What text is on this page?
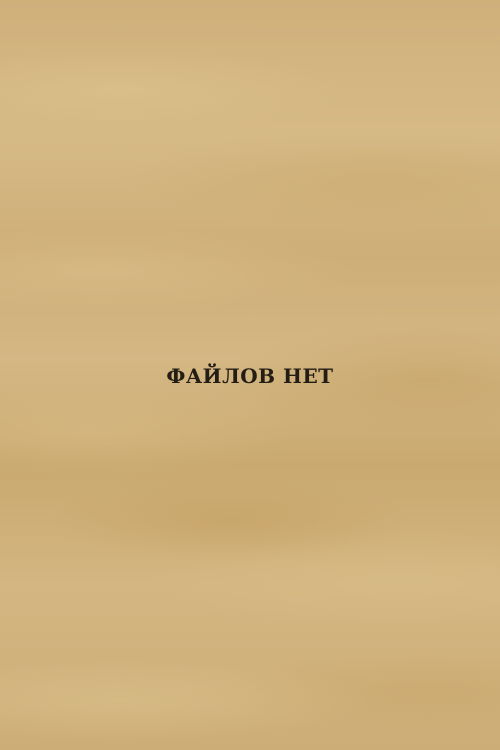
ФАЙЛОВ НЕТ
